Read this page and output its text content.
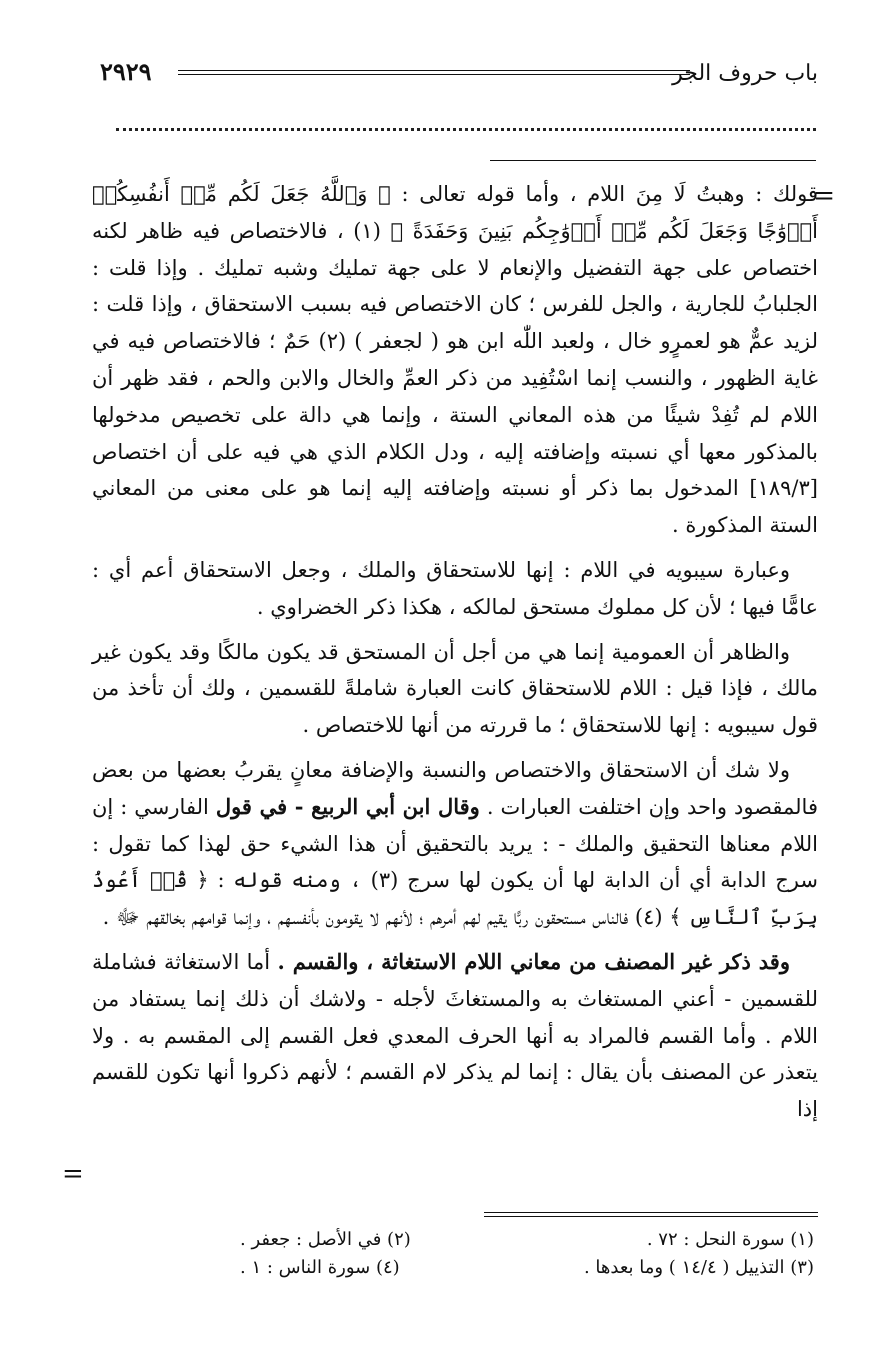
باب حروف الجر
٢٩٢٩
=

قولك : وهبتُ لَا مِنَ اللام ، وأما قوله تعالى : ﴿ وَٱللَّهُ جَعَلَ لَكُم مِّنۡ أَنفُسِكُمۡ أَزۡوَٰجًا وَجَعَلَ لَكُم مِّنۡ أَزۡوَٰجِكُم بَنِينَ وَحَفَدَةً ﴾ (١) ، فالاختصاص فيه ظاهر لكنه اختصاص على جهة التفضيل والإنعام لا على جهة تمليك وشبه تمليك . وإذا قلت : الجلبابُ للجارية ، والجل للفرس ؛ كان الاختصاص فيه بسبب الاستحقاق ، وإذا قلت : لزيد عمٌّ هو لعمرٍو خال ، ولعبد اللّٰه ابن هو ( لجعفر ) (٢) حَمٌ ؛ فالاختصاص فيه في غاية الظهور ، والنسب إنما اسْتُفِيد من ذكر العمِّ والخال والابن والحم ، فقد ظهر أن اللام لم تُفِدْ شيئًا من هذه المعاني الستة ، وإنما هي دالة على تخصيص مدخولها بالمذكور معها أي نسبته وإضافته إليه ، ودل الكلام الذي هي فيه على أن اختصاص [١٨٩/٣] المدخول بما ذكر أو نسبته وإضافته إليه إنما هو على معنى من المعاني الستة المذكورة .

وعبارة سيبويه في اللام : إنها للاستحقاق والملك ، وجعل الاستحقاق أعم أي : عامًّا فيها ؛ لأن كل مملوك مستحق لمالكه ، هكذا ذكر الخضراوي .

والظاهر أن العمومية إنما هي من أجل أن المستحق قد يكون مالكًا وقد يكون غير مالك ، فإذا قيل : اللام للاستحقاق كانت العبارة شاملةً للقسمين ، ولك أن تأخذ من قول سيبويه : إنها للاستحقاق ؛ ما قررته من أنها للاختصاص .

ولا شك أن الاستحقاق والاختصاص والنسبة والإضافة معانٍ يقربُ بعضها من بعض فالمقصود واحد وإن اختلفت العبارات . وقال ابن أبي الربيع - في قول الفارسي : إن اللام معناها التحقيق والملك - : يريد بالتحقيق أن هذا الشيء حق لهذا كما تقول : سرج الدابة أي أن الدابة لها أن يكون لها سرج (٣) ، ومنه قوله : ﴿ قُلۡ أَعُوذُ بِرَبِّ ٱلنَّاسِ ﴾ (٤) فالناس مستحقون ربًّا يقيم لهم أمرهم ؛ لأنهم لا يقومون بأنفسهم ، وإنما قوامهم بخالقهم ﷻ .

وقد ذكر غير المصنف من معاني اللام الاستغاثة ، والقسم . أما الاستغاثة فشاملة للقسمين - أعني المستغاث به والمستغاثَ لأجله - ولاشك أن ذلك إنما يستفاد من اللام . وأما القسم فالمراد به أنها الحرف المعدي فعل القسم إلى المقسم به . ولا يتعذر عن المصنف بأن يقال : إنما لم يذكر لام القسم ؛ لأنهم ذكروا أنها تكون للقسم إذا

=
(١) سورة النحل : ٧٢ .
(٢) في الأصل : جعفر .
(٣) التذييل ( ١٤/٤ ) وما بعدها .
(٤) سورة الناس : ١ .
